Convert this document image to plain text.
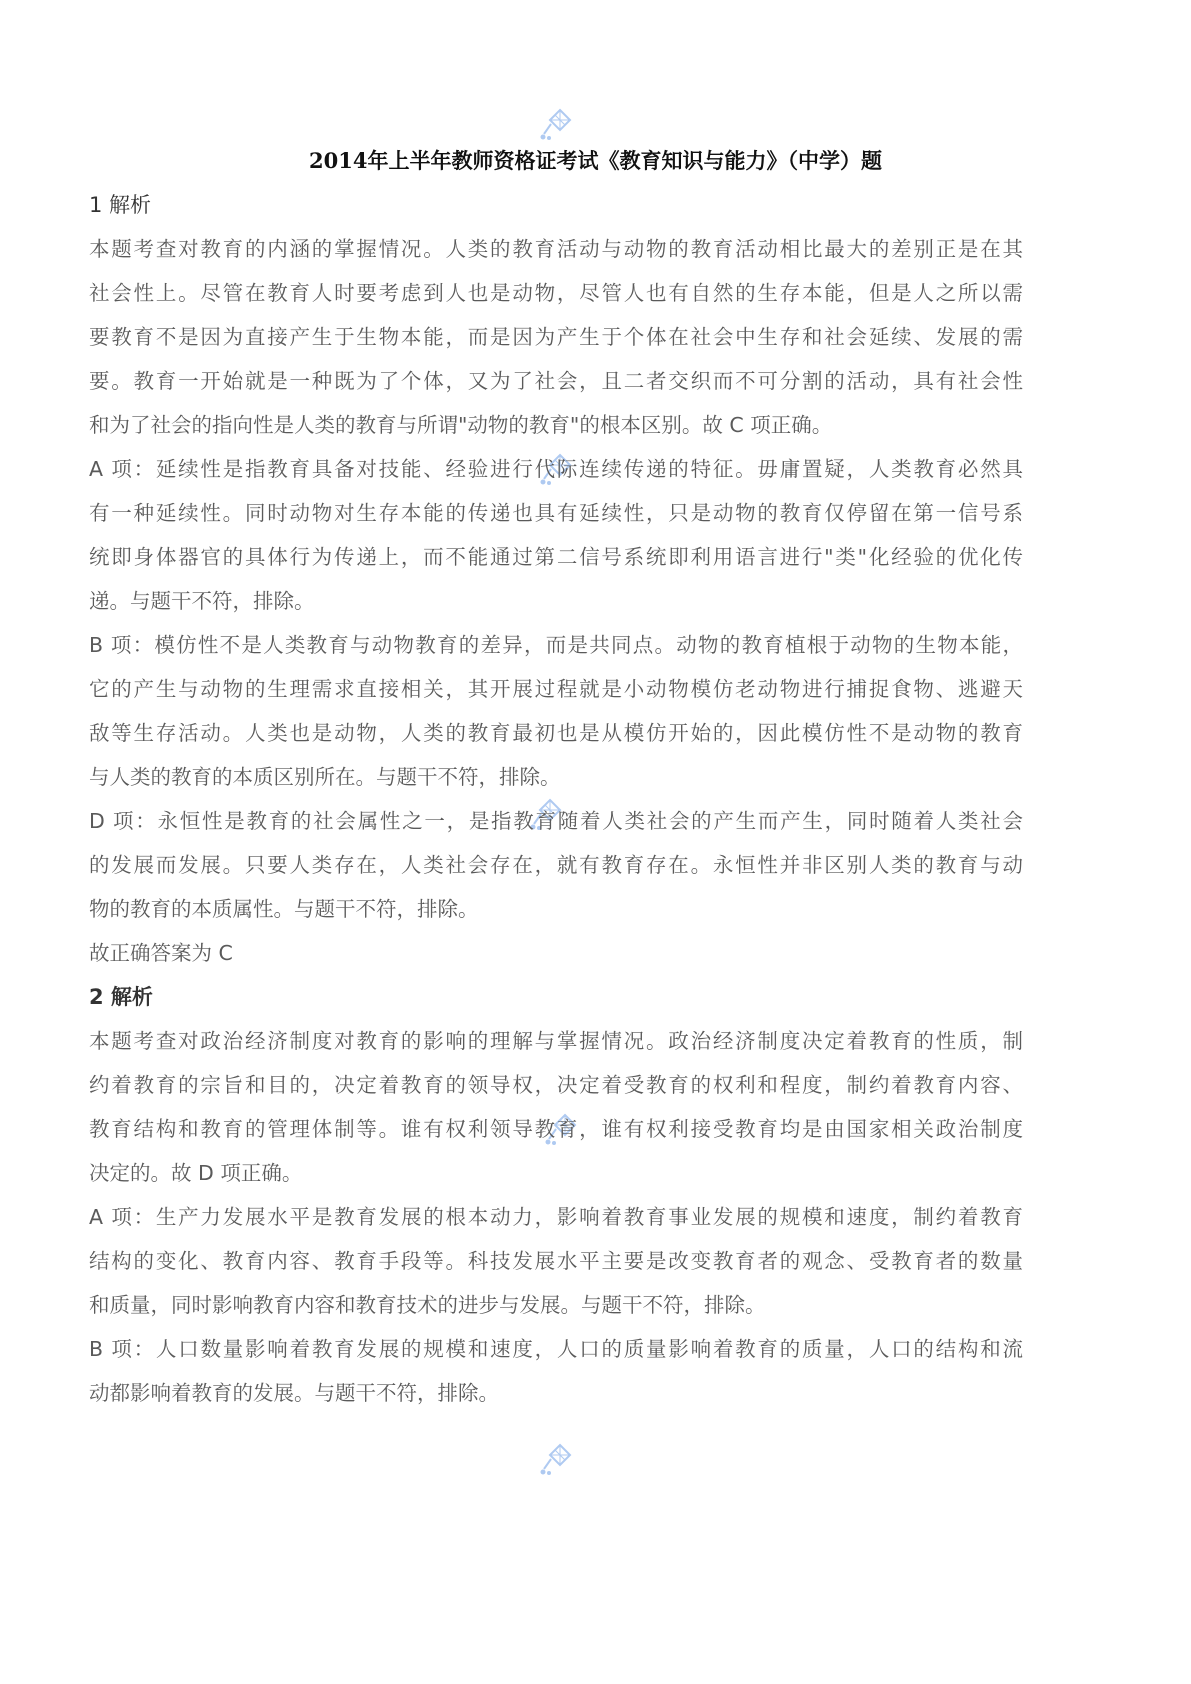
2014年上半年教师资格证考试《教育知识与能力》（中学）题
1 解析
本题考查对教育的内涵的掌握情况。人类的教育活动与动物的教育活动相比最大的差别正是在其
社会性上。尽管在教育人时要考虑到人也是动物，尽管人也有自然的生存本能，但是人之所以需
要教育不是因为直接产生于生物本能，而是因为产生于个体在社会中生存和社会延续、发展的需
要。教育一开始就是一种既为了个体，又为了社会，且二者交织而不可分割的活动，具有社会性
和为了社会的指向性是人类的教育与所谓"动物的教育"的根本区别。故 C 项正确。
A 项：延续性是指教育具备对技能、经验进行代际连续传递的特征。毋庸置疑，人类教育必然具
有一种延续性。同时动物对生存本能的传递也具有延续性，只是动物的教育仅停留在第一信号系
统即身体器官的具体行为传递上，而不能通过第二信号系统即利用语言进行"类"化经验的优化传
递。与题干不符，排除。
B 项：模仿性不是人类教育与动物教育的差异，而是共同点。动物的教育植根于动物的生物本能，
它的产生与动物的生理需求直接相关，其开展过程就是小动物模仿老动物进行捕捉食物、逃避天
敌等生存活动。人类也是动物，人类的教育最初也是从模仿开始的，因此模仿性不是动物的教育
与人类的教育的本质区别所在。与题干不符，排除。
D 项：永恒性是教育的社会属性之一，是指教育随着人类社会的产生而产生，同时随着人类社会
的发展而发展。只要人类存在，人类社会存在，就有教育存在。永恒性并非区别人类的教育与动
物的教育的本质属性。与题干不符，排除。
故正确答案为 C
2 解析
本题考查对政治经济制度对教育的影响的理解与掌握情况。政治经济制度决定着教育的性质，制
约着教育的宗旨和目的，决定着教育的领导权，决定着受教育的权利和程度，制约着教育内容、
教育结构和教育的管理体制等。谁有权利领导教育，谁有权利接受教育均是由国家相关政治制度
决定的。故 D 项正确。
A 项：生产力发展水平是教育发展的根本动力，影响着教育事业发展的规模和速度，制约着教育
结构的变化、教育内容、教育手段等。科技发展水平主要是改变教育者的观念、受教育者的数量
和质量，同时影响教育内容和教育技术的进步与发展。与题干不符，排除。
B 项：人口数量影响着教育发展的规模和速度，人口的质量影响着教育的质量，人口的结构和流
动都影响着教育的发展。与题干不符，排除。
